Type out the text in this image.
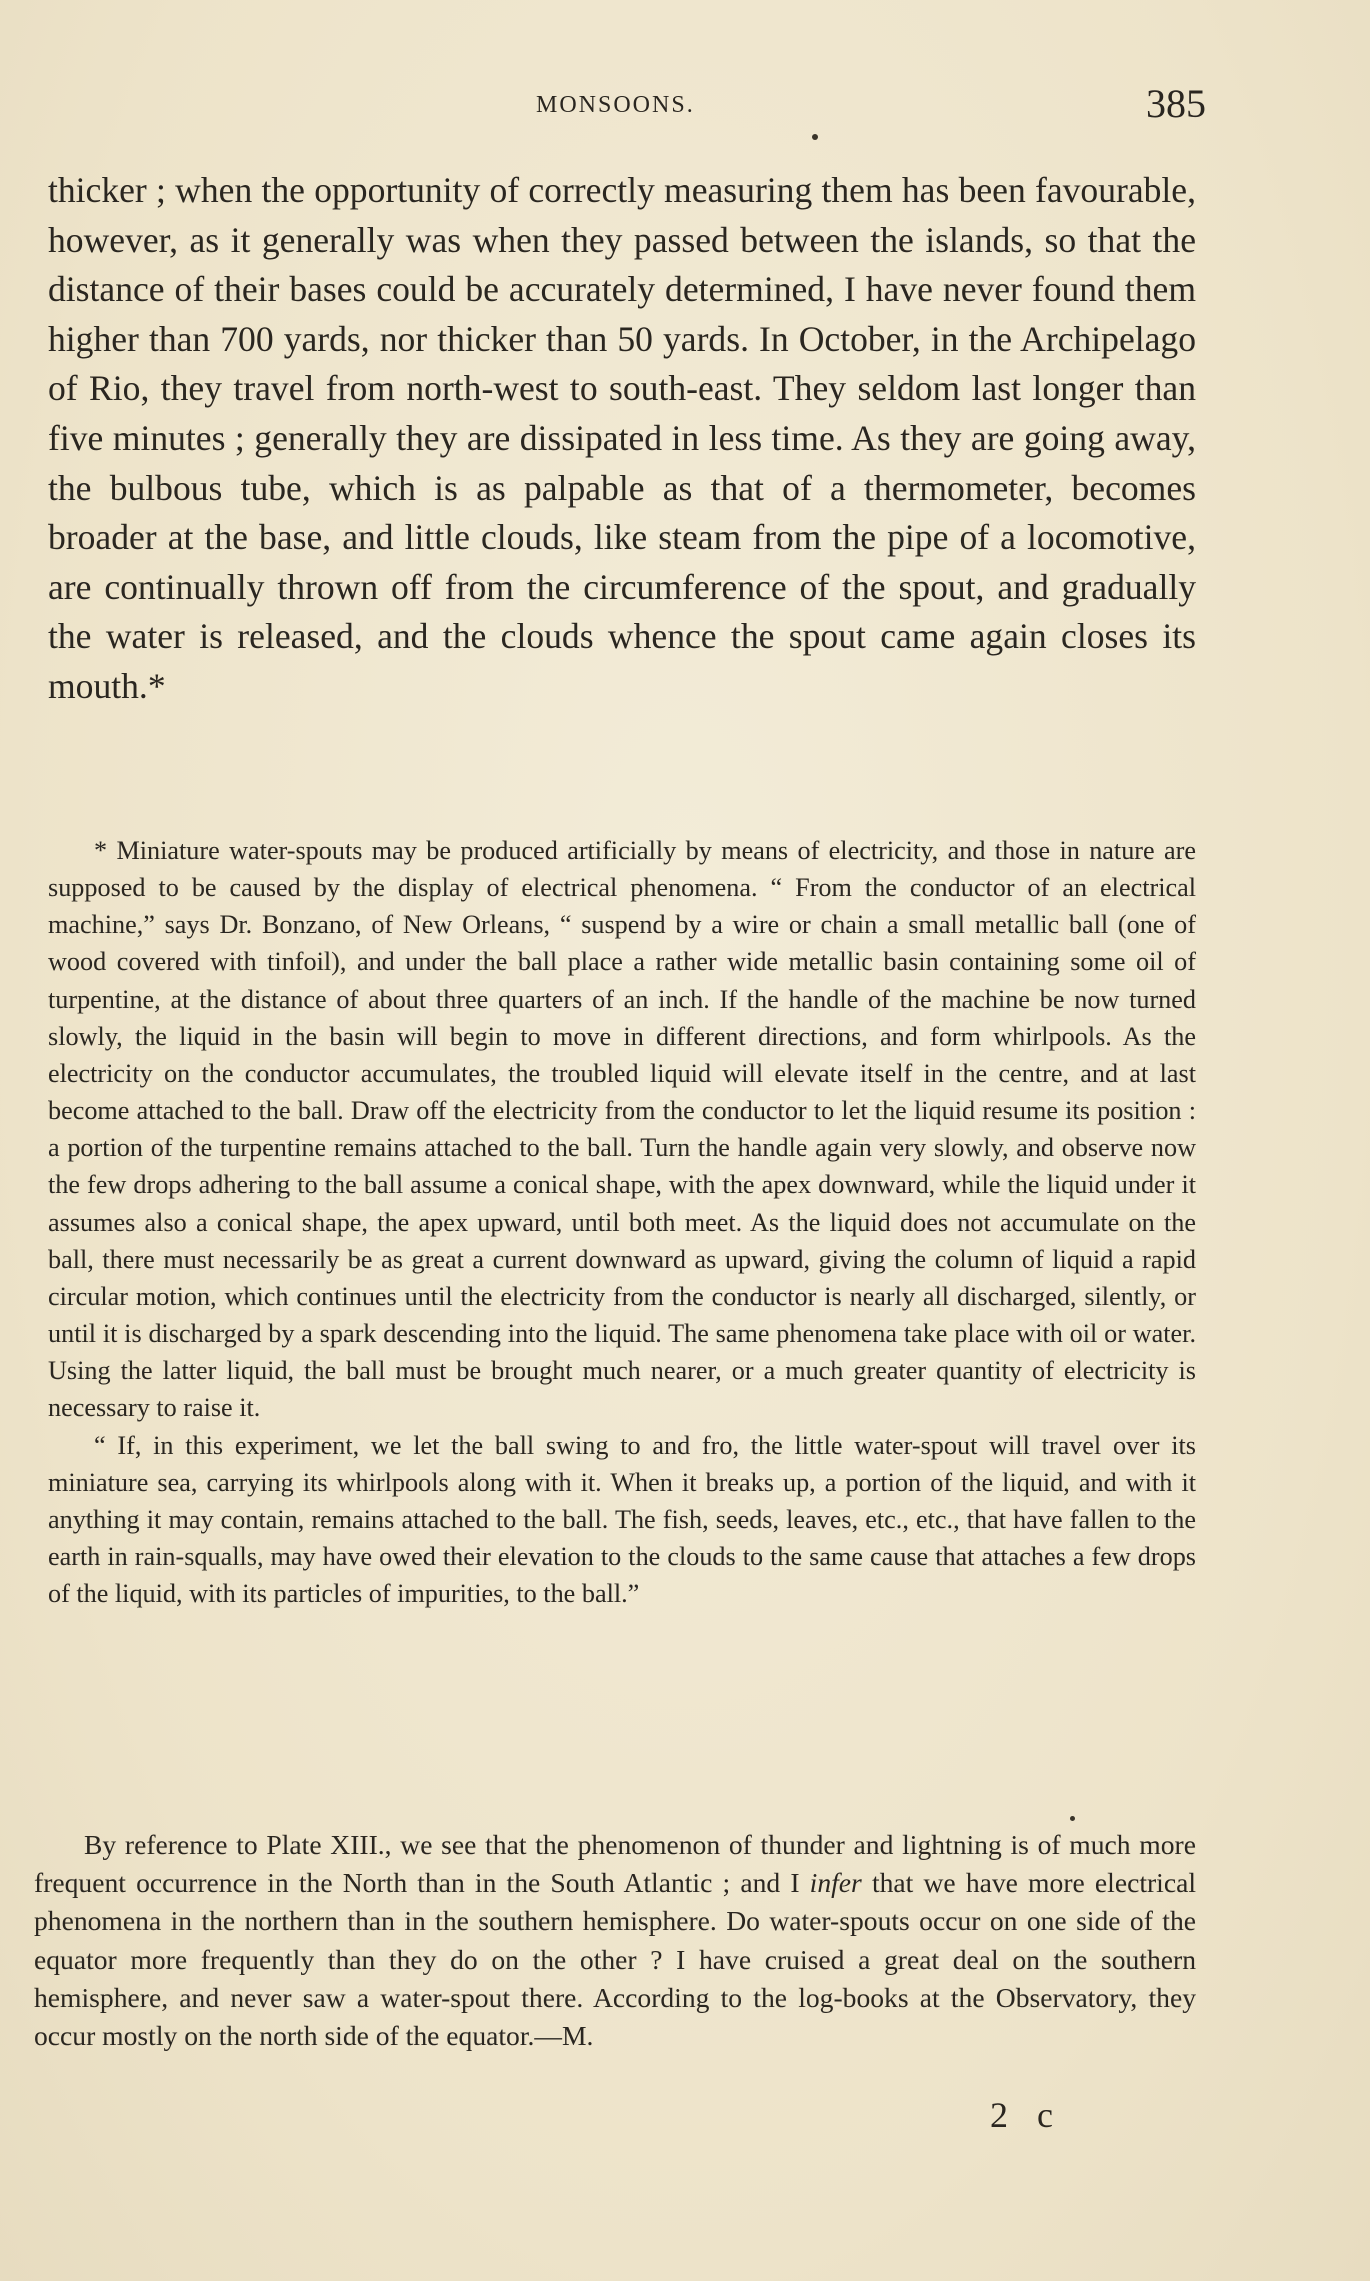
MONSOONS.	385

thicker ; when the opportunity of correctly measuring them has been favourable, however, as it generally was when they passed between the islands, so that the distance of their bases could be accurately determined, I have never found them higher than 700 yards, nor thicker than 50 yards. In October, in the Archipelago of Rio, they travel from north-west to south-east. They seldom last longer than five minutes ; generally they are dissipated in less time. As they are going away, the bulbous tube, which is as palpable as that of a thermometer, becomes broader at the base, and little clouds, like steam from the pipe of a locomotive, are continually thrown off from the circumference of the spout, and gradually the water is released, and the clouds whence the spout came again closes its mouth.*

* Miniature water-spouts may be produced artificially by means of electricity, and those in nature are supposed to be caused by the display of electrical phenomena. “ From the conductor of an electrical machine,” says Dr. Bonzano, of New Orleans, “ suspend by a wire or chain a small metallic ball (one of wood covered with tinfoil), and under the ball place a rather wide metallic basin containing some oil of turpentine, at the distance of about three quarters of an inch. If the handle of the machine be now turned slowly, the liquid in the basin will begin to move in different directions, and form whirlpools. As the electricity on the conductor accumulates, the troubled liquid will elevate itself in the centre, and at last become attached to the ball. Draw off the electricity from the conductor to let the liquid resume its position : a portion of the turpentine remains attached to the ball. Turn the handle again very slowly, and observe now the few drops adhering to the ball assume a conical shape, with the apex downward, while the liquid under it assumes also a conical shape, the apex upward, until both meet. As the liquid does not accumulate on the ball, there must necessarily be as great a current downward as upward, giving the column of liquid a rapid circular motion, which continues until the electricity from the conductor is nearly all discharged, silently, or until it is discharged by a spark descending into the liquid. The same phenomena take place with oil or water. Using the latter liquid, the ball must be brought much nearer, or a much greater quantity of electricity is necessary to raise it.

“ If, in this experiment, we let the ball swing to and fro, the little water-spout will travel over its miniature sea, carrying its whirlpools along with it. When it breaks up, a portion of the liquid, and with it anything it may contain, remains attached to the ball. The fish, seeds, leaves, etc., etc., that have fallen to the earth in rain-squalls, may have owed their elevation to the clouds to the same cause that attaches a few drops of the liquid, with its particles of impurities, to the ball.”

By reference to Plate XIII., we see that the phenomenon of thunder and lightning is of much more frequent occurrence in the North than in the South Atlantic ; and I infer that we have more electrical phenomena in the northern than in the southern hemisphere. Do water-spouts occur on one side of the equator more frequently than they do on the other ? I have cruised a great deal on the southern hemisphere, and never saw a water-spout there. According to the log-books at the Observatory, they occur mostly on the north side of the equator.—M.

2 c
